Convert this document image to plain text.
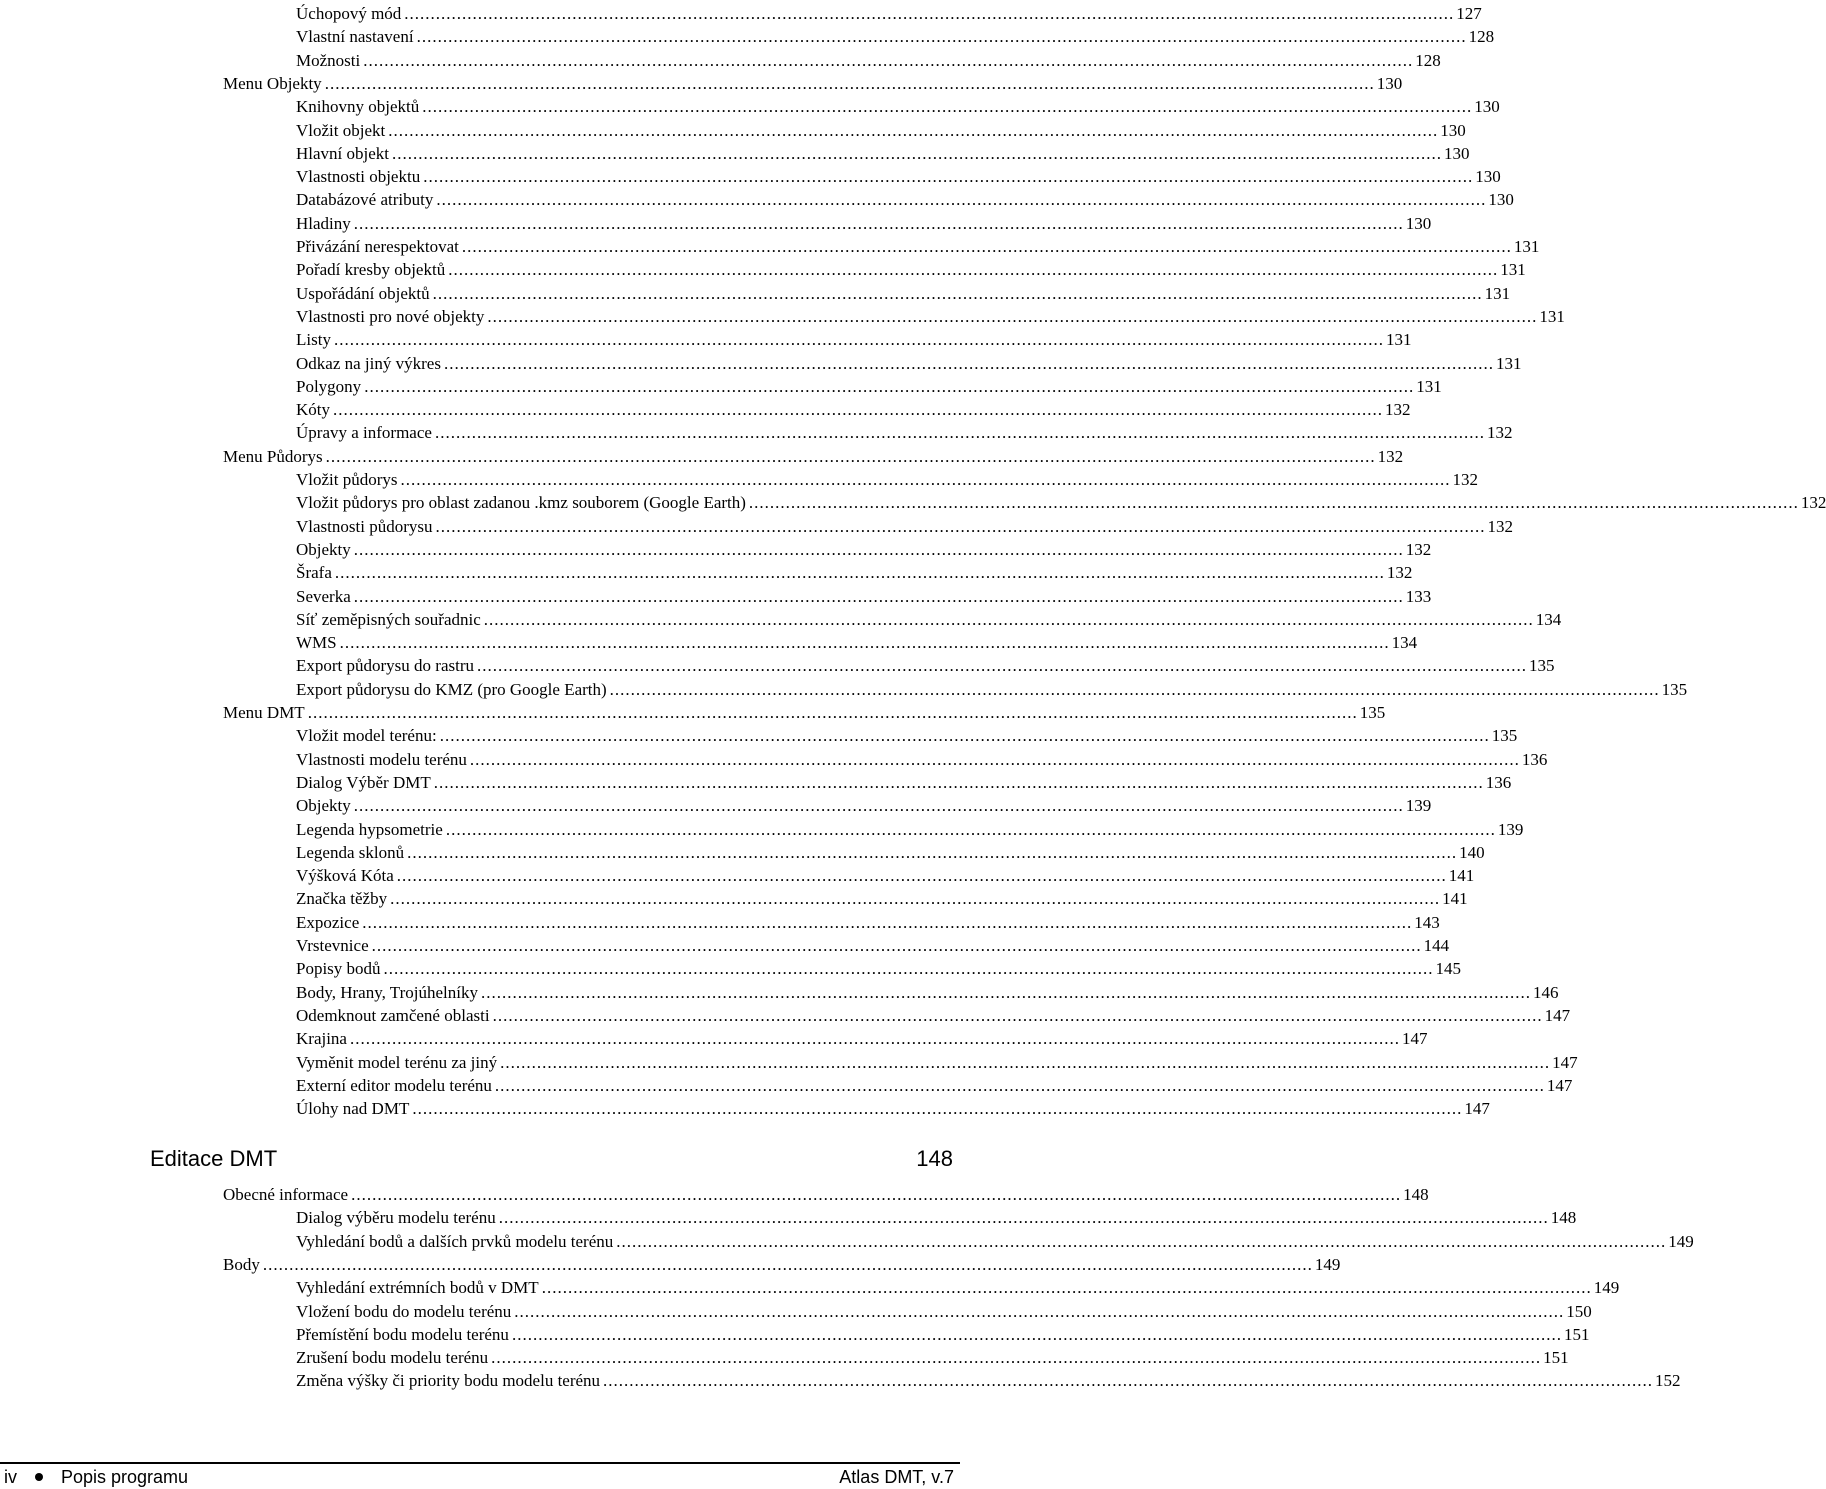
Úchopový mód ........................................................................................................................................................................................................ 127
Vlastní nastavení ........................................................................................................................................................................................................ 128
Možnosti ........................................................................................................................................................................................................ 128
Menu Objekty ........................................................................................................................................................................................................ 130
Knihovny objektů ........................................................................................................................................................................................................ 130
Vložit objekt ........................................................................................................................................................................................................ 130
Hlavní objekt ........................................................................................................................................................................................................ 130
Vlastnosti objektu ........................................................................................................................................................................................................ 130
Databázové atributy ........................................................................................................................................................................................................ 130
Hladiny ........................................................................................................................................................................................................ 130
Přivázání nerespektovat ........................................................................................................................................................................................................ 131
Pořadí kresby objektů ........................................................................................................................................................................................................ 131
Uspořádání objektů ........................................................................................................................................................................................................ 131
Vlastnosti pro nové objekty ........................................................................................................................................................................................................ 131
Listy ........................................................................................................................................................................................................ 131
Odkaz na jiný výkres ........................................................................................................................................................................................................ 131
Polygony ........................................................................................................................................................................................................ 131
Kóty ........................................................................................................................................................................................................ 132
Úpravy a informace ........................................................................................................................................................................................................ 132
Menu Půdorys ........................................................................................................................................................................................................ 132
Vložit půdorys ........................................................................................................................................................................................................ 132
Vložit půdorys pro oblast zadanou .kmz souborem (Google Earth) ........................................................................................................................................................................................................ 132
Vlastnosti půdorysu ........................................................................................................................................................................................................ 132
Objekty ........................................................................................................................................................................................................ 132
Šrafa ........................................................................................................................................................................................................ 132
Severka ........................................................................................................................................................................................................ 133
Síť zeměpisných souřadnic ........................................................................................................................................................................................................ 134
WMS ........................................................................................................................................................................................................ 134
Export půdorysu do rastru ........................................................................................................................................................................................................ 135
Export půdorysu do KMZ (pro Google Earth) ........................................................................................................................................................................................................ 135
Menu DMT ........................................................................................................................................................................................................ 135
Vložit model terénu: ........................................................................................................................................................................................................ 135
Vlastnosti modelu terénu ........................................................................................................................................................................................................ 136
Dialog Výběr DMT ........................................................................................................................................................................................................ 136
Objekty ........................................................................................................................................................................................................ 139
Legenda hypsometrie ........................................................................................................................................................................................................ 139
Legenda sklonů ........................................................................................................................................................................................................ 140
Výšková Kóta ........................................................................................................................................................................................................ 141
Značka těžby ........................................................................................................................................................................................................ 141
Expozice ........................................................................................................................................................................................................ 143
Vrstevnice ........................................................................................................................................................................................................ 144
Popisy bodů ........................................................................................................................................................................................................ 145
Body, Hrany, Trojúhelníky ........................................................................................................................................................................................................ 146
Odemknout zamčené oblasti ........................................................................................................................................................................................................ 147
Krajina ........................................................................................................................................................................................................ 147
Vyměnit model terénu za jiný ........................................................................................................................................................................................................ 147
Externí editor modelu terénu ........................................................................................................................................................................................................ 147
Úlohy nad DMT ........................................................................................................................................................................................................ 147
Obecné informace ........................................................................................................................................................................................................ 148
Dialog výběru modelu terénu ........................................................................................................................................................................................................ 148
Vyhledání bodů a dalších prvků modelu terénu ........................................................................................................................................................................................................ 149
Body ........................................................................................................................................................................................................ 149
Vyhledání extrémních bodů v DMT ........................................................................................................................................................................................................ 149
Vložení bodu do modelu terénu ........................................................................................................................................................................................................ 150
Přemístění bodu modelu terénu ........................................................................................................................................................................................................ 151
Zrušení bodu modelu terénu ........................................................................................................................................................................................................ 151
Změna výšky či priority bodu modelu terénu ........................................................................................................................................................................................................ 152
Editace DMT	148
iv Popis programu	Atlas DMT, v.7
